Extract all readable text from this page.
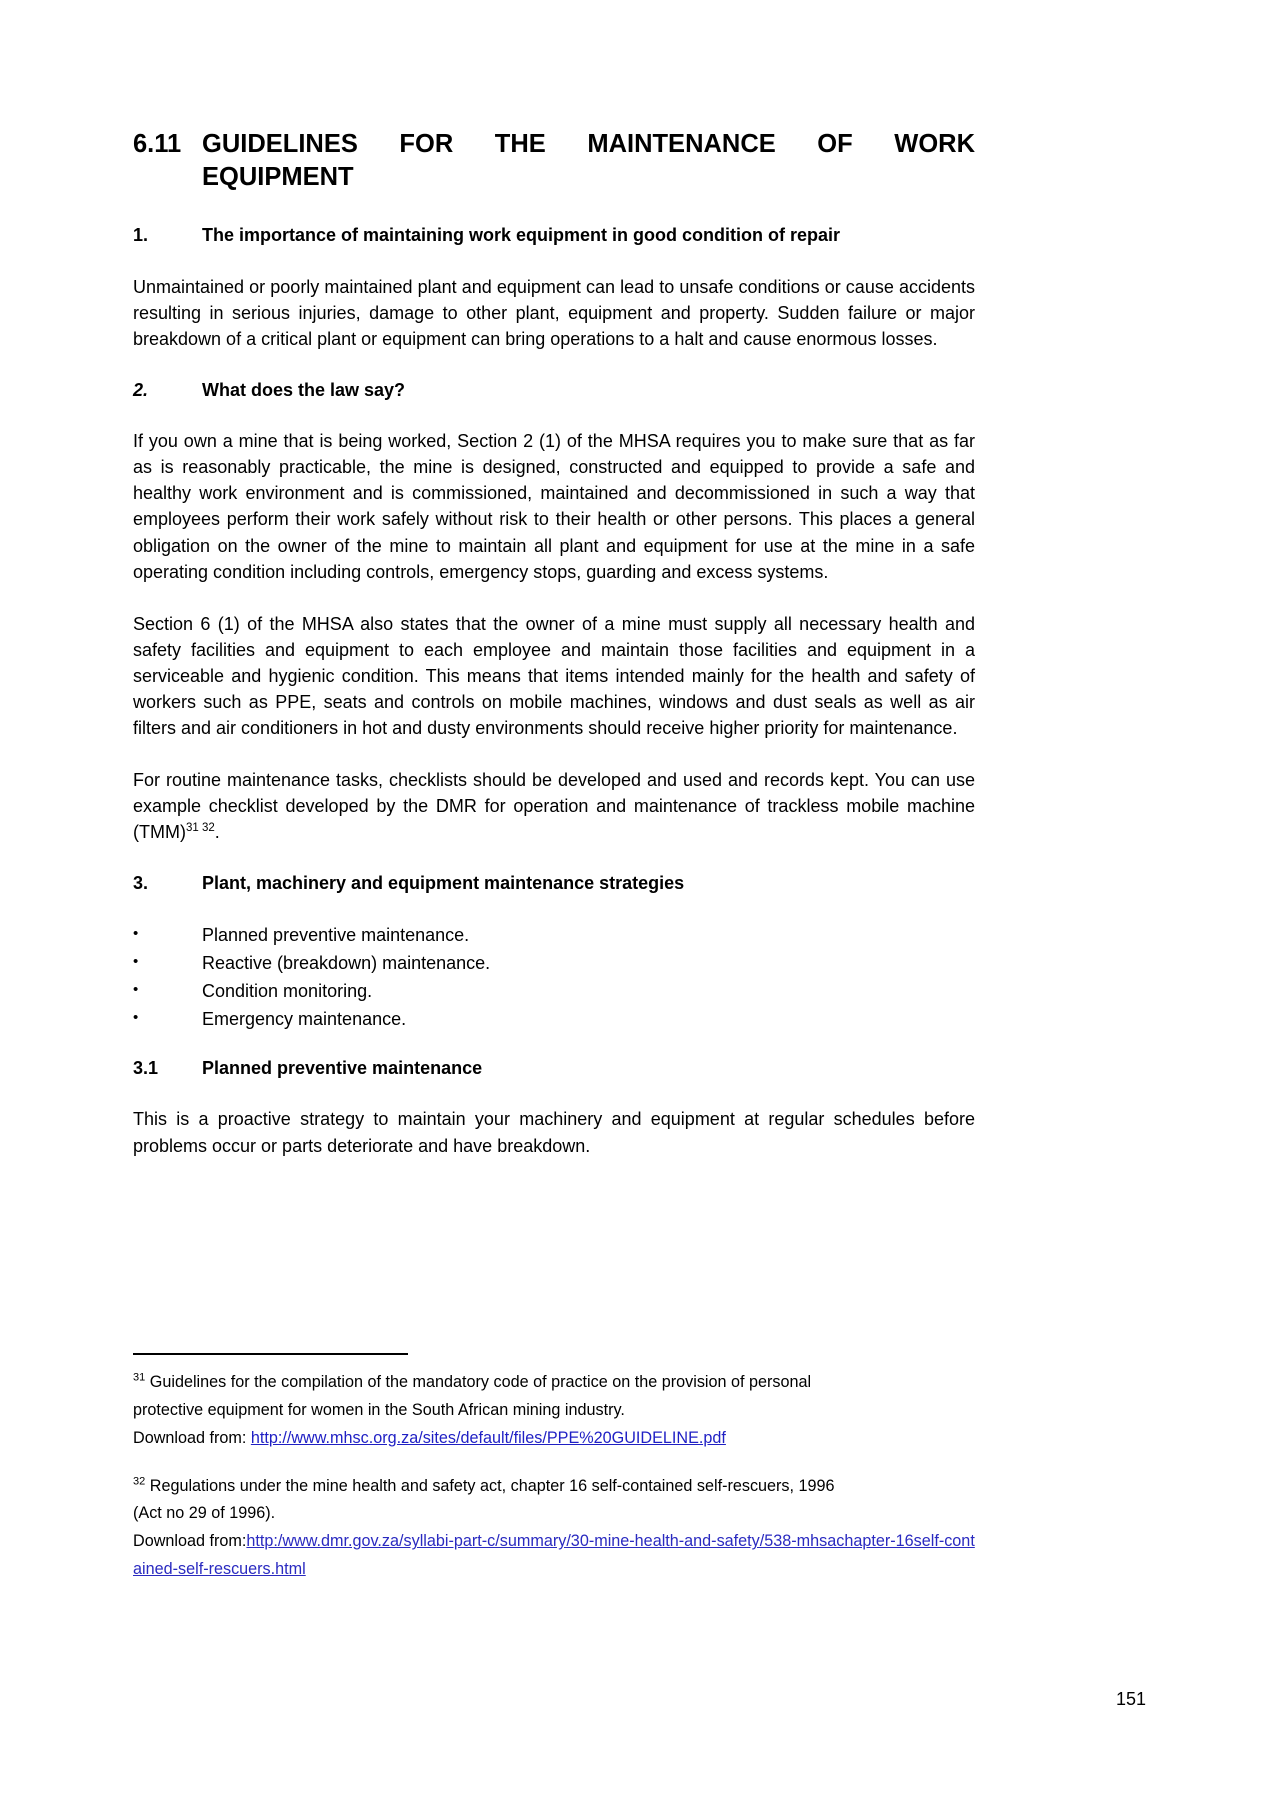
6.11 GUIDELINES FOR THE MAINTENANCE OF WORK
EQUIPMENT
1.	The importance of maintaining work equipment in good condition of repair

Unmaintained or poorly maintained plant and equipment can lead to unsafe conditions or cause accidents resulting in serious injuries, damage to other plant, equipment and property. Sudden failure or major breakdown of a critical plant or equipment can bring operations to a halt and cause enormous losses.

2.	What does the law say?

If you own a mine that is being worked, Section 2 (1) of the MHSA requires you to make sure that as far as is reasonably practicable, the mine is designed, constructed and equipped to provide a safe and healthy work environment and is commissioned, maintained and decommissioned in such a way that employees perform their work safely without risk to their health or other persons. This places a general obligation on the owner of the mine to maintain all plant and equipment for use at the mine in a safe operating condition including controls, emergency stops, guarding and excess systems.

Section 6 (1) of the MHSA also states that the owner of a mine must supply all necessary health and safety facilities and equipment to each employee and maintain those facilities and equipment in a serviceable and hygienic condition. This means that items intended mainly for the health and safety of workers such as PPE, seats and controls on mobile machines, windows and dust seals as well as air filters and air conditioners in hot and dusty environments should receive higher priority for maintenance.

For routine maintenance tasks, checklists should be developed and used and records kept. You can use example checklist developed by the DMR for operation and maintenance of trackless mobile machine (TMM)$^{31 32}$.

3.	Plant, machinery and equipment maintenance strategies
•	Planned preventive maintenance.
•	Reactive (breakdown) maintenance.
•	Condition monitoring.
•	Emergency maintenance.
3.1	Planned preventive maintenance

This is a proactive strategy to maintain your machinery and equipment at regular schedules before problems occur or parts deteriorate and have breakdown.

$^{31}$ Guidelines for the compilation of the mandatory code of practice on the provision of personal
protective equipment for women in the South African mining industry.
Download from: http://www.mhsc.org.za/sites/default/files/PPE%20GUIDELINE.pdf
$^{32}$ Regulations under the mine health and safety act, chapter 16 self-contained self-rescuers, 1996
(Act no 29 of 1996).
Download from:http:/www.dmr.gov.za/syllabi-part-c/summary/30-mine-health-and-safety/538-mhsachapter-16self-contained-self-rescuers.html
151
